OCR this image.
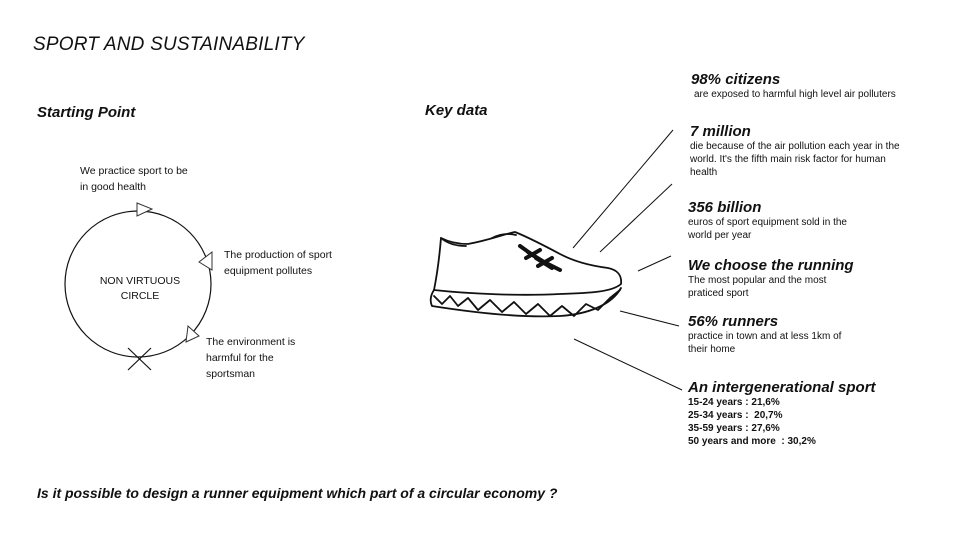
SPORT AND SUSTAINABILITY
Starting Point
We practice sport to be
in good health
The production of sport
equipment pollutes
The environment is
harmful for the
sportsman
NON VIRTUOUS
CIRCLE
Key data
98% citizens
are exposed to harmful high level air polluters
7 million
die because of the air pollution each year in the
world. It's the fifth main risk factor for human
health
356 billion
euros of sport equipment sold in the
world per year
We choose the running
The most popular and the most
praticed sport
56% runners
practice in town and at less 1km of
their home
An intergenerational sport
15-24 years : 21,6%
25-34 years :  20,7%
35-59 years : 27,6%
50 years and more  : 30,2%
Is it possible to design a runner equipment which part of a circular economy ?
